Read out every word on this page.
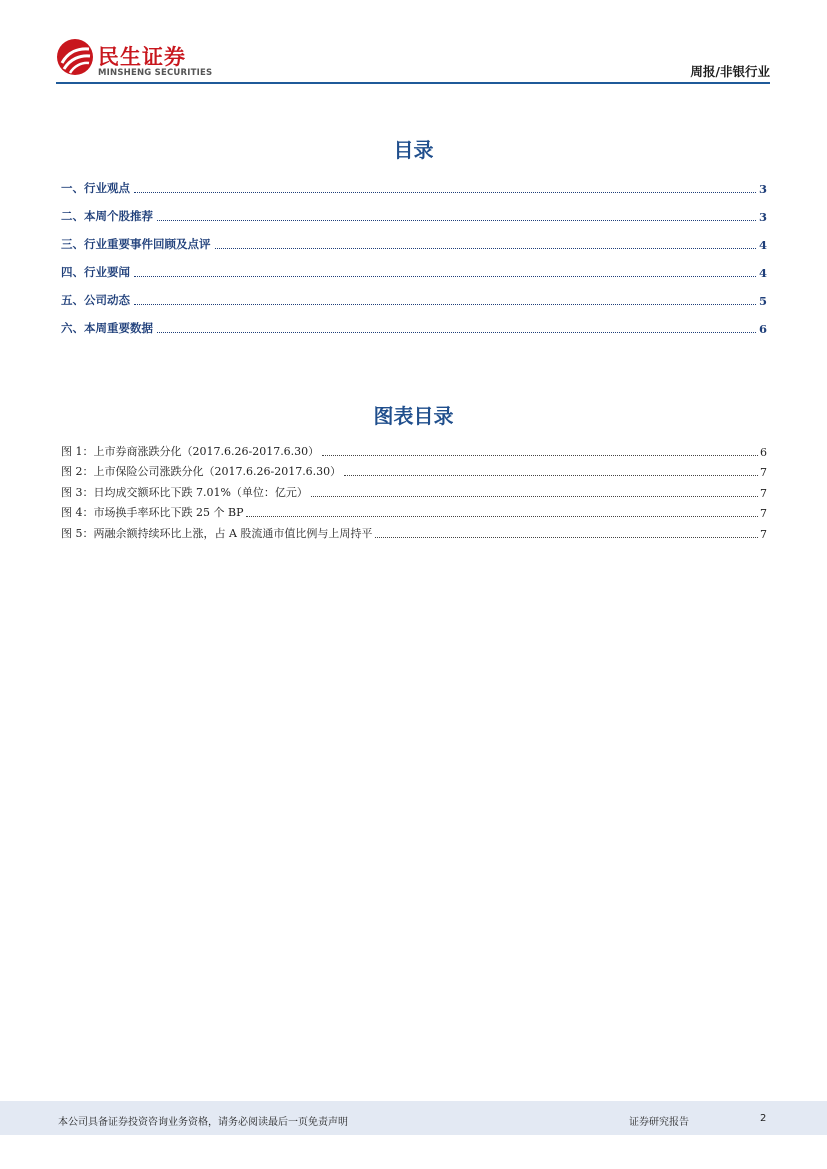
民生证券
MINSHENG SECURITIES	周报/非银行业
目录
一、行业观点	3
二、本周个股推荐	3
三、行业重要事件回顾及点评	4
四、行业要闻	4
五、公司动态	5
六、本周重要数据	6
图表目录
图 1：上市券商涨跌分化（2017.6.26-2017.6.30）	6
图 2：上市保险公司涨跌分化（2017.6.26-2017.6.30）	7
图 3：日均成交额环比下跌 7.01%（单位：亿元）	7
图 4：市场换手率环比下跌 25 个 BP	7
图 5：两融余额持续环比上涨，占 A 股流通市值比例与上周持平	7
本公司具备证券投资咨询业务资格，请务必阅读最后一页免责声明	证券研究报告	2
